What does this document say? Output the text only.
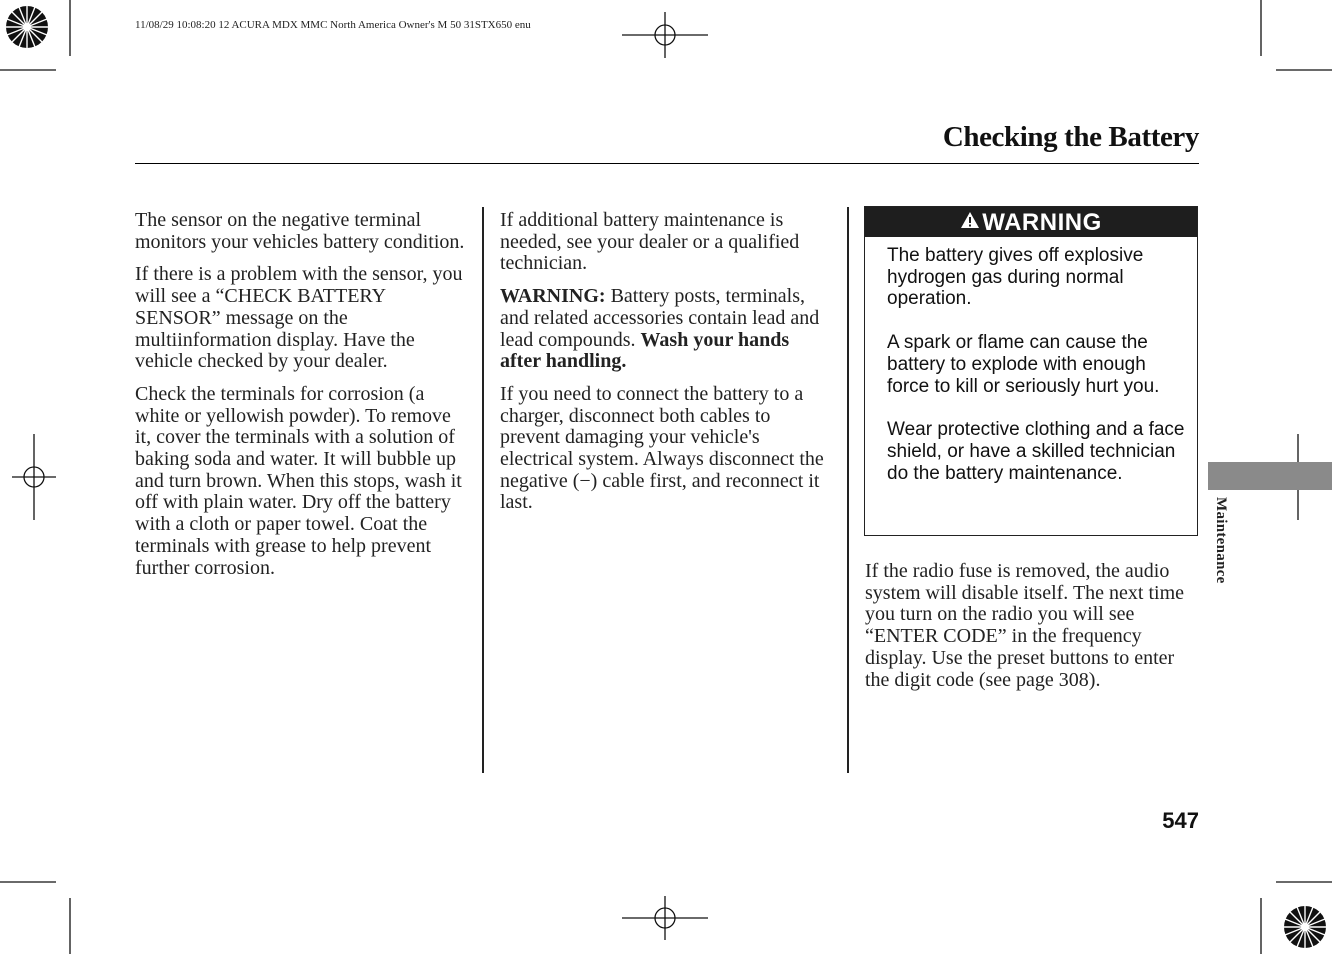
11/08/29 10:08:20 12 ACURA MDX MMC North America Owner's M 50 31STX650 enu
Checking the Battery

The sensor on the negative terminal monitors your vehicles battery condition.

If there is a problem with the sensor, you will see a “CHECK BATTERY SENSOR” message on the multiinformation display. Have the vehicle checked by your dealer.

Check the terminals for corrosion (a white or yellowish powder). To remove it, cover the terminals with a solution of baking soda and water. It will bubble up and turn brown. When this stops, wash it off with plain water. Dry off the battery with a cloth or paper towel. Coat the terminals with grease to help prevent further corrosion.

If additional battery maintenance is needed, see your dealer or a qualified technician.

WARNING: Battery posts, terminals, and related accessories contain lead and lead compounds. Wash your hands after handling.

If you need to connect the battery to a charger, disconnect both cables to prevent damaging your vehicle's electrical system. Always disconnect the negative (−) cable first, and reconnect it last.

WARNING

The battery gives off explosive hydrogen gas during normal operation.

A spark or flame can cause the battery to explode with enough force to kill or seriously hurt you.

Wear protective clothing and a face shield, or have a skilled technician do the battery maintenance.

If the radio fuse is removed, the audio system will disable itself. The next time you turn on the radio you will see “ENTER CODE” in the frequency display. Use the preset buttons to enter the digit code (see page 308).

Maintenance
547
